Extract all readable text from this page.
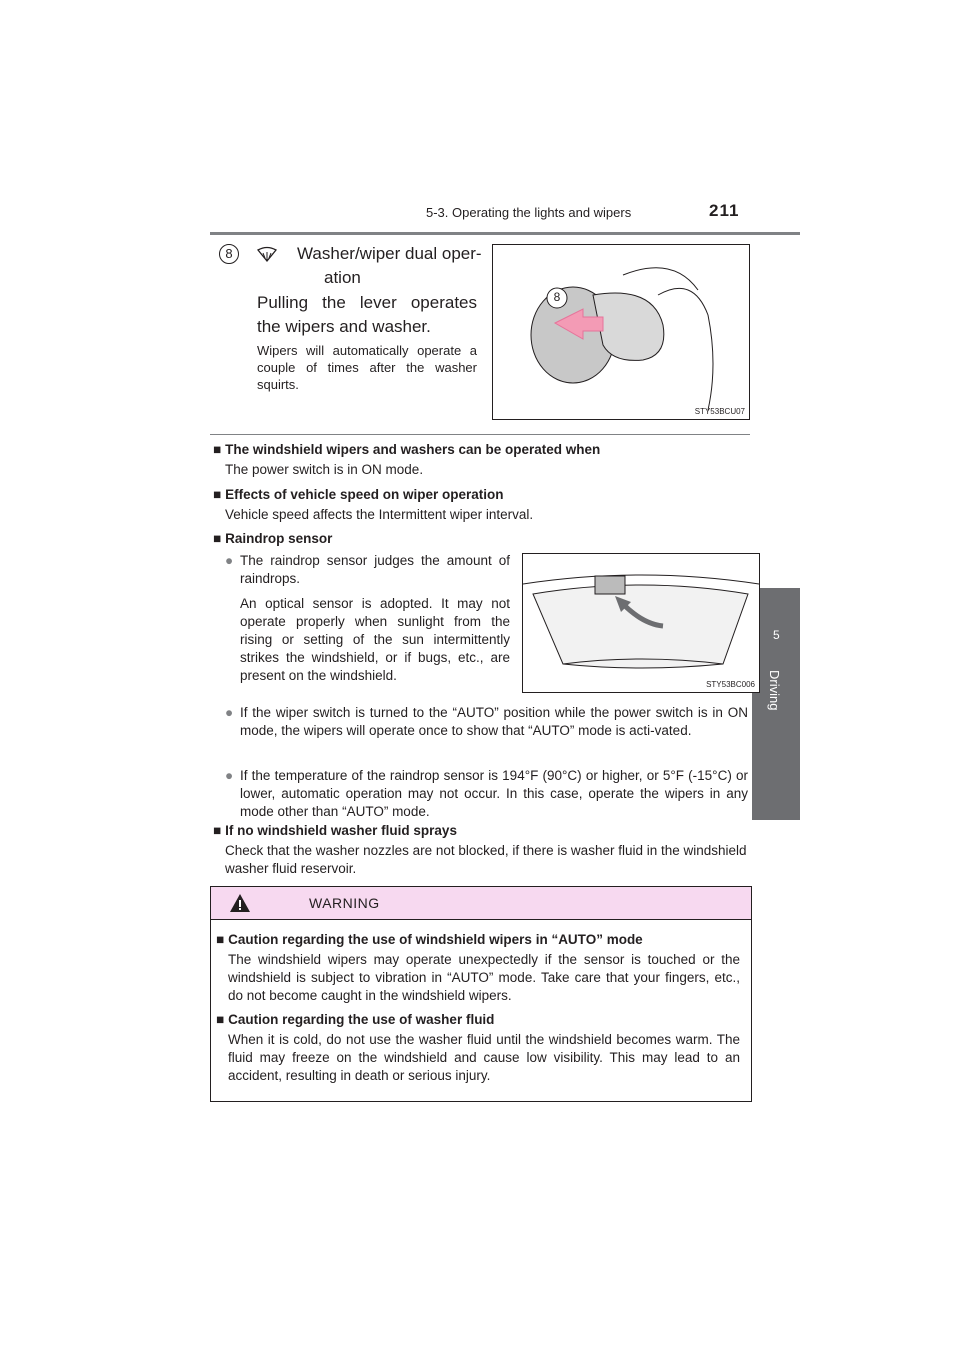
5-3. Operating the lights and wipers	211
5
Driving
8	Washer/wiper dual oper-
ation
Pulling the lever operates the wipers and washer.
Wipers will automatically operate a couple of times after the washer squirts.
8
STY53BCU07
■ The windshield wipers and washers can be operated when
The power switch is in ON mode.
■ Effects of vehicle speed on wiper operation
Vehicle speed affects the Intermittent wiper interval.
■ Raindrop sensor
● The raindrop sensor judges the amount of raindrops.
An optical sensor is adopted. It may not operate properly when sunlight from the rising or setting of the sun intermittently strikes the windshield, or if bugs, etc., are present on the windshield.
STY53BC006
● If the wiper switch is turned to the “AUTO” position while the power switch is in ON mode, the wipers will operate once to show that “AUTO” mode is acti-vated.
● If the temperature of the raindrop sensor is 194°F (90°C) or higher, or 5°F (-15°C) or lower, automatic operation may not occur. In this case, operate the wipers in any mode other than “AUTO” mode.
■ If no windshield washer fluid sprays
Check that the washer nozzles are not blocked, if there is washer fluid in the windshield washer fluid reservoir.
WARNING
■ Caution regarding the use of windshield wipers in “AUTO” mode
The windshield wipers may operate unexpectedly if the sensor is touched or the windshield is subject to vibration in “AUTO” mode. Take care that your fingers, etc., do not become caught in the windshield wipers.
■ Caution regarding the use of washer fluid
When it is cold, do not use the washer fluid until the windshield becomes warm. The fluid may freeze on the windshield and cause low visibility. This may lead to an accident, resulting in death or serious injury.
